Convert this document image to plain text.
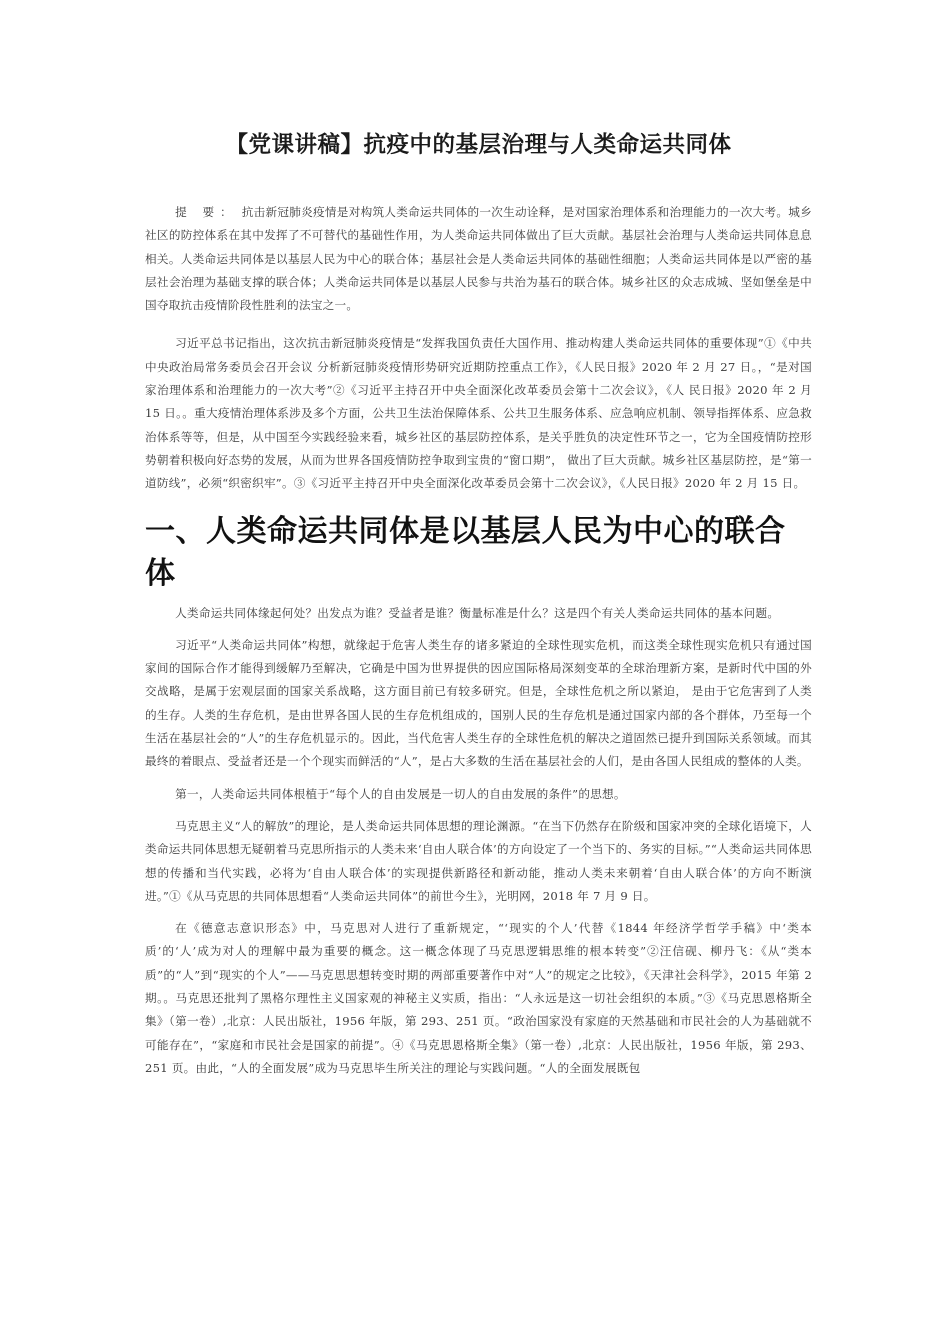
【党课讲稿】抗疫中的基层治理与人类命运共同体

提 要： 抗击新冠肺炎疫情是对构筑人类命运共同体的一次生动诠释，是对国家治理体系和治理能力的一次大考。城乡社区的防控体系在其中发挥了不可替代的基础性作用，为人类命运共同体做出了巨大贡献。基层社会治理与人类命运共同体息息相关。人类命运共同体是以基层人民为中心的联合体；基层社会是人类命运共同体的基础性细胞；人类命运共同体是以严密的基层社会治理为基础支撑的联合体；人类命运共同体是以基层人民参与共治为基石的联合体。城乡社区的众志成城、坚如堡垒是中国夺取抗击疫情阶段性胜利的法宝之一。

习近平总书记指出，这次抗击新冠肺炎疫情是“发挥我国负责任大国作用、推动构建人类命运共同体的重要体现”①《中共中央政治局常务委员会召开会议 分析新冠肺炎疫情形势研究近期防控重点工作》，《人民日报》2020 年 2 月 27 日。，“是对国家治理体系和治理能力的一次大考”②《习近平主持召开中央全面深化改革委员会第十二次会议》，《人 民日报》2020 年 2 月 15 日。。重大疫情治理体系涉及多个方面，公共卫生法治保障体系、公共卫生服务体系、应急响应机制、领导指挥体系、应急救治体系等等，但是，从中国至今实践经验来看，城乡社区的基层防控体系，是关乎胜负的决定性环节之一，它为全国疫情防控形势朝着积极向好态势的发展，从而为世界各国疫情防控争取到宝贵的“窗口期”， 做出了巨大贡献。城乡社区基层防控，是“第一道防线”，必须“织密织牢”。③《习近平主持召开中央全面深化改革委员会第十二次会议》，《人民日报》2020 年 2 月 15 日。

一、人类命运共同体是以基层人民为中心的联合体

人类命运共同体缘起何处？出发点为谁？受益者是谁？衡量标准是什么？这是四个有关人类命运共同体的基本问题。

习近平“人类命运共同体”构想，就缘起于危害人类生存的诸多紧迫的全球性现实危机，而这类全球性现实危机只有通过国家间的国际合作才能得到缓解乃至解决，它确是中国为世界提供的因应国际格局深刻变革的全球治理新方案，是新时代中国的外交战略，是属于宏观层面的国家关系战略，这方面目前已有较多研究。但是，全球性危机之所以紧迫， 是由于它危害到了人类的生存。人类的生存危机，是由世界各国人民的生存危机组成的，国别人民的生存危机是通过国家内部的各个群体，乃至每一个生活在基层社会的“人”的生存危机显示的。因此，当代危害人类生存的全球性危机的解决之道固然已提升到国际关系领域。而其最终的着眼点、受益者还是一个个现实而鲜活的“人”，是占大多数的生活在基层社会的人们，是由各国人民组成的整体的人类。

第一，人类命运共同体根植于“每个人的自由发展是一切人的自由发展的条件”的思想。

马克思主义“人的解放”的理论，是人类命运共同体思想的理论渊源。“在当下仍然存在阶级和国家冲突的全球化语境下，人类命运共同体思想无疑朝着马克思所指示的人类未来‘自由人联合体’的方向设定了一个当下的、务实的目标。”“人类命运共同体思想的传播和当代实践，必将为‘自由人联合体’的实现提供新路径和新动能，推动人类未来朝着‘自由人联合体’的方向不断演进。”①《从马克思的共同体思想看“人类命运共同体”的前世今生》，光明网，2018 年 7 月 9 日。

在《德意志意识形态》中，马克思对人进行了重新规定，“‘现实的个人’代替《1844 年经济学哲学手稿》中‘类本质’的‘人’成为对人的理解中最为重要的概念。这一概念体现了马克思逻辑思维的根本转变”②汪信砚、柳丹飞：《从“类本质”的“人”到“现实的个人”——马克思思想转变时期的两部重要著作中对“人”的规定之比较》，《天津社会科学》，2015 年第 2 期。。马克思还批判了黑格尔理性主义国家观的神秘主义实质，指出：“人永远是这一切社会组织的本质。”③《马克思恩格斯全集》（第一卷）,北京：人民出版社，1956 年版，第 293、251 页。“政治国家没有家庭的天然基础和市民社会的人为基础就不可能存在”，“家庭和市民社会是国家的前提”。④《马克思恩格斯全集》（第一卷）,北京：人民出版社，1956 年版，第 293、251 页。由此，“人的全面发展”成为马克思毕生所关注的理论与实践问题。“人的全面发展既包
